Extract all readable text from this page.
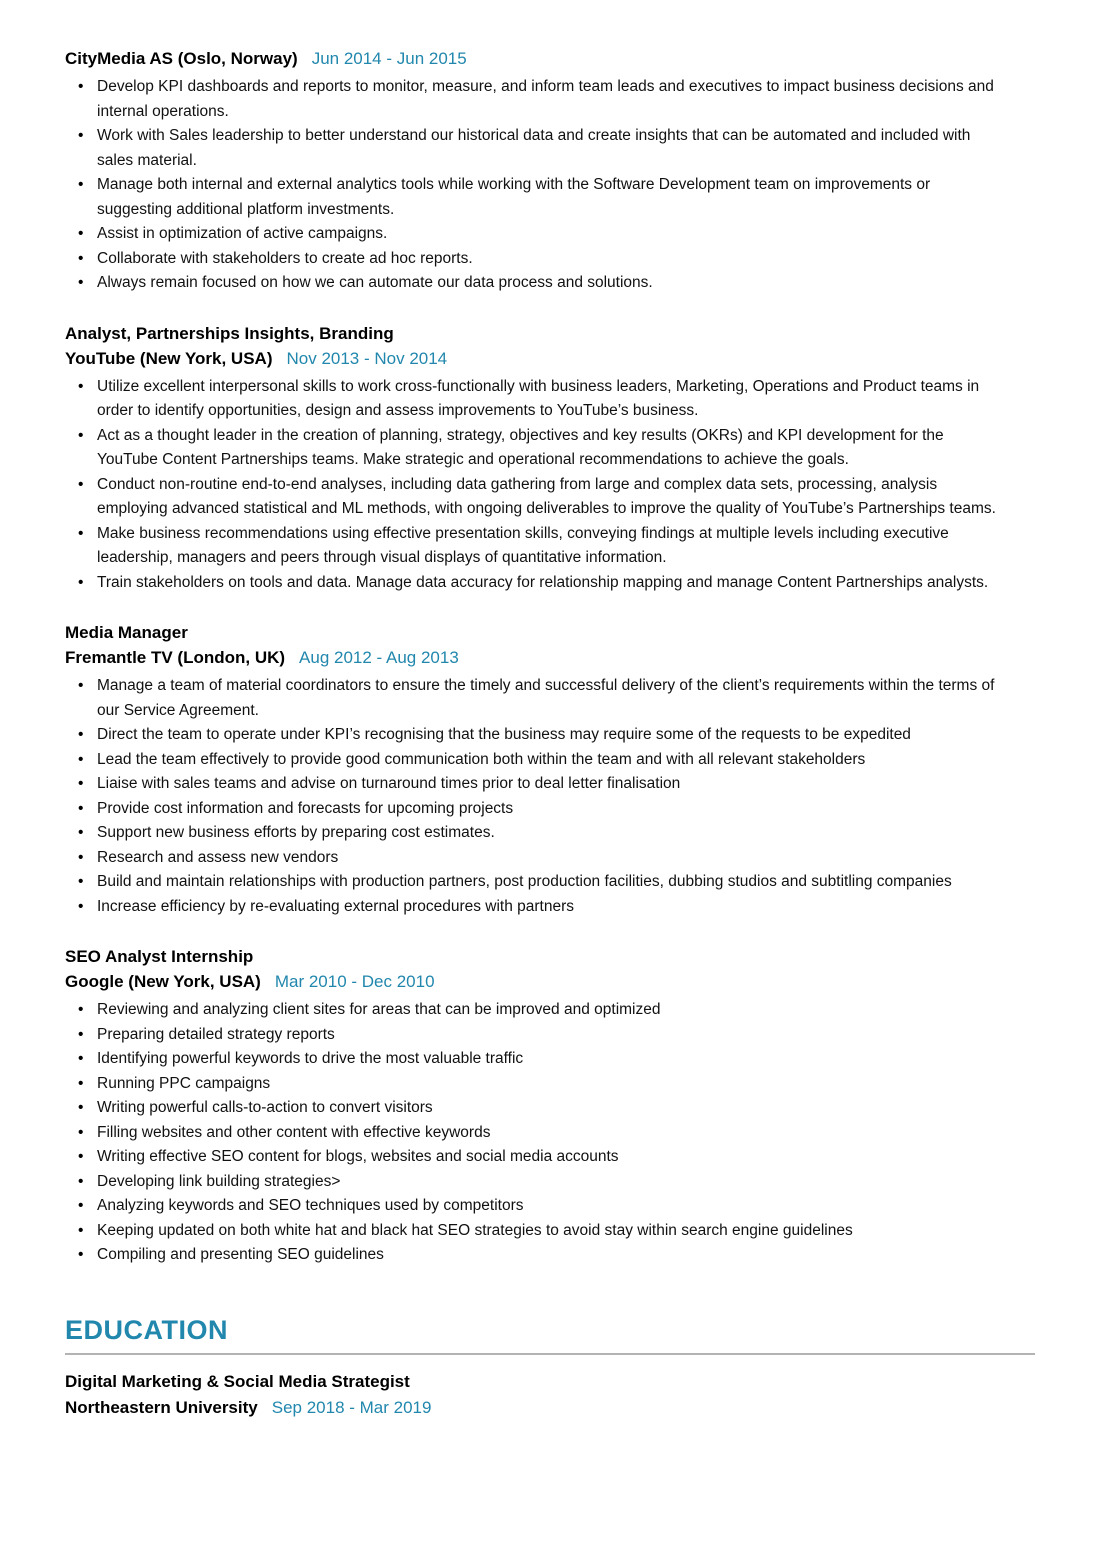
CityMedia AS (Oslo, Norway) Jun 2014 - Jun 2015
• Develop KPI dashboards and reports to monitor, measure, and inform team leads and executives to impact business decisions and internal operations.
• Work with Sales leadership to better understand our historical data and create insights that can be automated and included with sales material.
• Manage both internal and external analytics tools while working with the Software Development team on improvements or suggesting additional platform investments.
• Assist in optimization of active campaigns.
• Collaborate with stakeholders to create ad hoc reports.
• Always remain focused on how we can automate our data process and solutions.
Analyst, Partnerships Insights, Branding
YouTube (New York, USA) Nov 2013 - Nov 2014
• Utilize excellent interpersonal skills to work cross-functionally with business leaders, Marketing, Operations and Product teams in order to identify opportunities, design and assess improvements to YouTube’s business.
• Act as a thought leader in the creation of planning, strategy, objectives and key results (OKRs) and KPI development for the YouTube Content Partnerships teams. Make strategic and operational recommendations to achieve the goals.
• Conduct non-routine end-to-end analyses, including data gathering from large and complex data sets, processing, analysis employing advanced statistical and ML methods, with ongoing deliverables to improve the quality of YouTube’s Partnerships teams.
• Make business recommendations using effective presentation skills, conveying findings at multiple levels including executive leadership, managers and peers through visual displays of quantitative information.
• Train stakeholders on tools and data. Manage data accuracy for relationship mapping and manage Content Partnerships analysts.
Media Manager
Fremantle TV (London, UK) Aug 2012 - Aug 2013
• Manage a team of material coordinators to ensure the timely and successful delivery of the client’s requirements within the terms of our Service Agreement.
• Direct the team to operate under KPI’s recognising that the business may require some of the requests to be expedited
• Lead the team effectively to provide good communication both within the team and with all relevant stakeholders
• Liaise with sales teams and advise on turnaround times prior to deal letter finalisation
• Provide cost information and forecasts for upcoming projects
• Support new business efforts by preparing cost estimates.
• Research and assess new vendors
• Build and maintain relationships with production partners, post production facilities, dubbing studios and subtitling companies
• Increase efficiency by re-evaluating external procedures with partners
SEO Analyst Internship
Google (New York, USA) Mar 2010 - Dec 2010
• Reviewing and analyzing client sites for areas that can be improved and optimized
• Preparing detailed strategy reports
• Identifying powerful keywords to drive the most valuable traffic
• Running PPC campaigns
• Writing powerful calls-to-action to convert visitors
• Filling websites and other content with effective keywords
• Writing effective SEO content for blogs, websites and social media accounts
• Developing link building strategies>
• Analyzing keywords and SEO techniques used by competitors
• Keeping updated on both white hat and black hat SEO strategies to avoid stay within search engine guidelines
• Compiling and presenting SEO guidelines
EDUCATION
Digital Marketing & Social Media Strategist
Northeastern University Sep 2018 - Mar 2019
